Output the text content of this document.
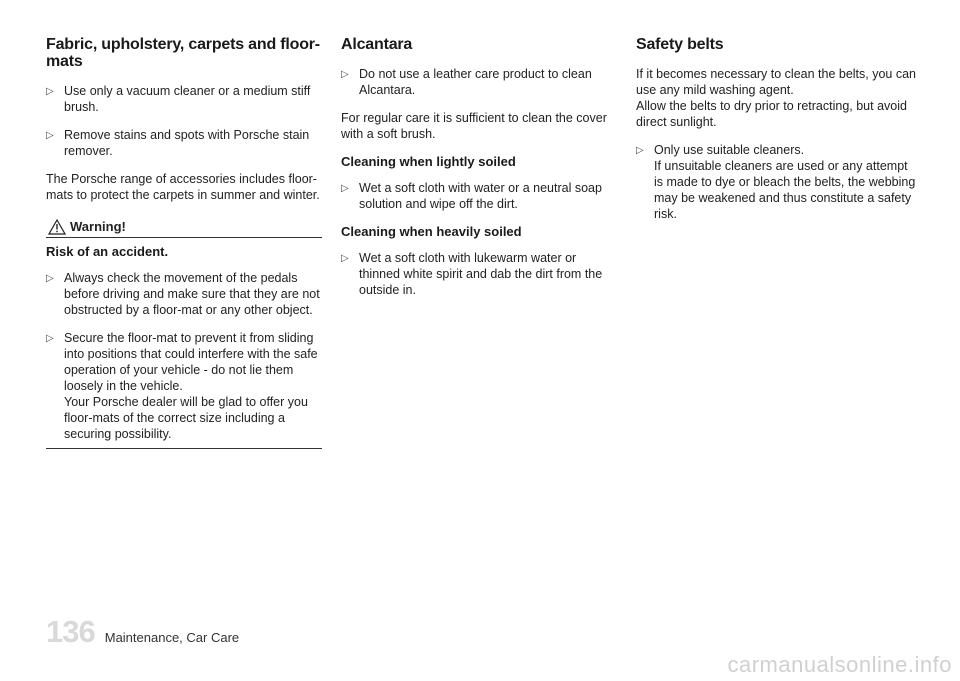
Fabric, upholstery, carpets and floor-mats
▷ Use only a vacuum cleaner or a medium stiff brush.
▷ Remove stains and spots with Porsche stain remover.

The Porsche range of accessories includes floor-mats to protect the carpets in summer and winter.

Warning!
Risk of an accident.
▷ Always check the movement of the pedals before driving and make sure that they are not obstructed by a floor-mat or any other object.
▷ Secure the floor-mat to prevent it from sliding into positions that could interfere with the safe operation of your vehicle - do not lie them loosely in the vehicle.
Your Porsche dealer will be glad to offer you floor-mats of the correct size including a securing possibility.
Alcantara
▷ Do not use a leather care product to clean Alcantara.

For regular care it is sufficient to clean the cover with a soft brush.

Cleaning when lightly soiled
▷ Wet a soft cloth with water or a neutral soap solution and wipe off the dirt.
Cleaning when heavily soiled
▷ Wet a soft cloth with lukewarm water or thinned white spirit and dab the dirt from the outside in.
Safety belts

If it becomes necessary to clean the belts, you can use any mild washing agent.

Allow the belts to dry prior to retracting, but avoid direct sunlight.

▷ Only use suitable cleaners.
If unsuitable cleaners are used or any attempt is made to dye or bleach the belts, the webbing may be weakened and thus constitute a safety risk.
136 Maintenance, Car Care
carmanualsonline.info
